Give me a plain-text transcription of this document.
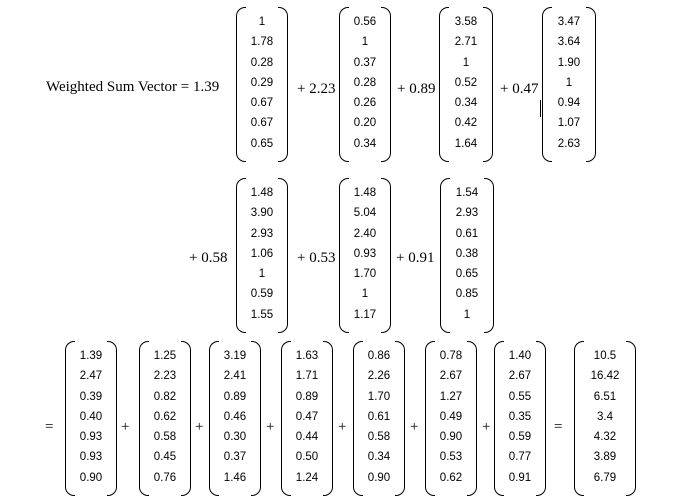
Weighted Sum Vector = 1.39
1
1.78
0.28
0.29
0.67
0.67
0.65
+ 2.23
0.56
1
0.37
0.28
0.26
0.20
0.34
+ 0.89
3.58
2.71
1
0.52
0.34
0.42
1.64
+ 0.47
3.47
3.64
1.90
1
0.94
1.07
2.63
+ 0.58
1.48
3.90
2.93
1.06
1
0.59
1.55
+ 0.53
1.48
5.04
2.40
0.93
1.70
1
1.17
+ 0.91
1.54
2.93
0.61
0.38
0.65
0.85
1
=
1.39
2.47
0.39
0.40
0.93
0.93
0.90
+
1.25
2.23
0.82
0.62
0.58
0.45
0.76
+
3.19
2.41
0.89
0.46
0.30
0.37
1.46
+
1.63
1.71
0.89
0.47
0.44
0.50
1.24
+
0.86
2.26
1.70
0.61
0.58
0.34
0.90
+
0.78
2.67
1.27
0.49
0.90
0.53
0.62
+
1.40
2.67
0.55
0.35
0.59
0.77
0.91
=
10.5
16.42
6.51
3.4
4.32
3.89
6.79
